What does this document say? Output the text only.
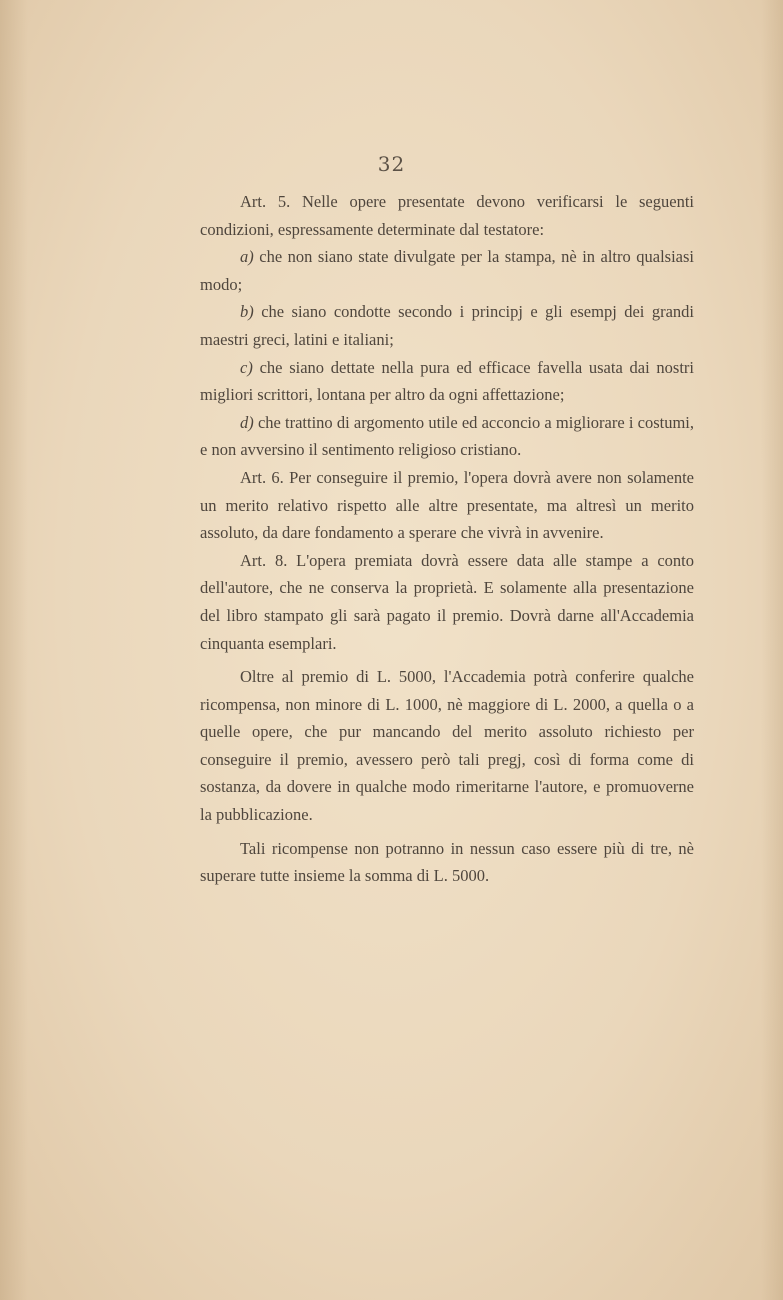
32

Art. 5. Nelle opere presentate devono verificarsi le seguenti condizioni, espressamente determinate dal testatore:

a) che non siano state divulgate per la stampa, nè in altro qualsiasi modo;

b) che siano condotte secondo i principj e gli esempj dei grandi maestri greci, latini e italiani;

c) che siano dettate nella pura ed efficace favella usata dai nostri migliori scrittori, lontana per altro da ogni affettazione;

d) che trattino di argomento utile ed acconcio a migliorare i costumi, e non avversino il sentimento religioso cristiano.

Art. 6. Per conseguire il premio, l'opera dovrà avere non solamente un merito relativo rispetto alle altre presentate, ma altresì un merito assoluto, da dare fondamento a sperare che vivrà in avvenire.

Art. 8. L'opera premiata dovrà essere data alle stampe a conto dell'autore, che ne conserva la proprietà. E solamente alla presentazione del libro stampato gli sarà pagato il premio. Dovrà darne all'Accademia cinquanta esemplari.

Oltre al premio di L. 5000, l'Accademia potrà conferire qualche ricompensa, non minore di L. 1000, nè maggiore di L. 2000, a quella o a quelle opere, che pur mancando del merito assoluto richiesto per conseguire il premio, avessero però tali pregj, così di forma come di sostanza, da dovere in qualche modo rimeritarne l'autore, e promuoverne la pubblicazione.

Tali ricompense non potranno in nessun caso essere più di tre, nè superare tutte insieme la somma di L. 5000.
